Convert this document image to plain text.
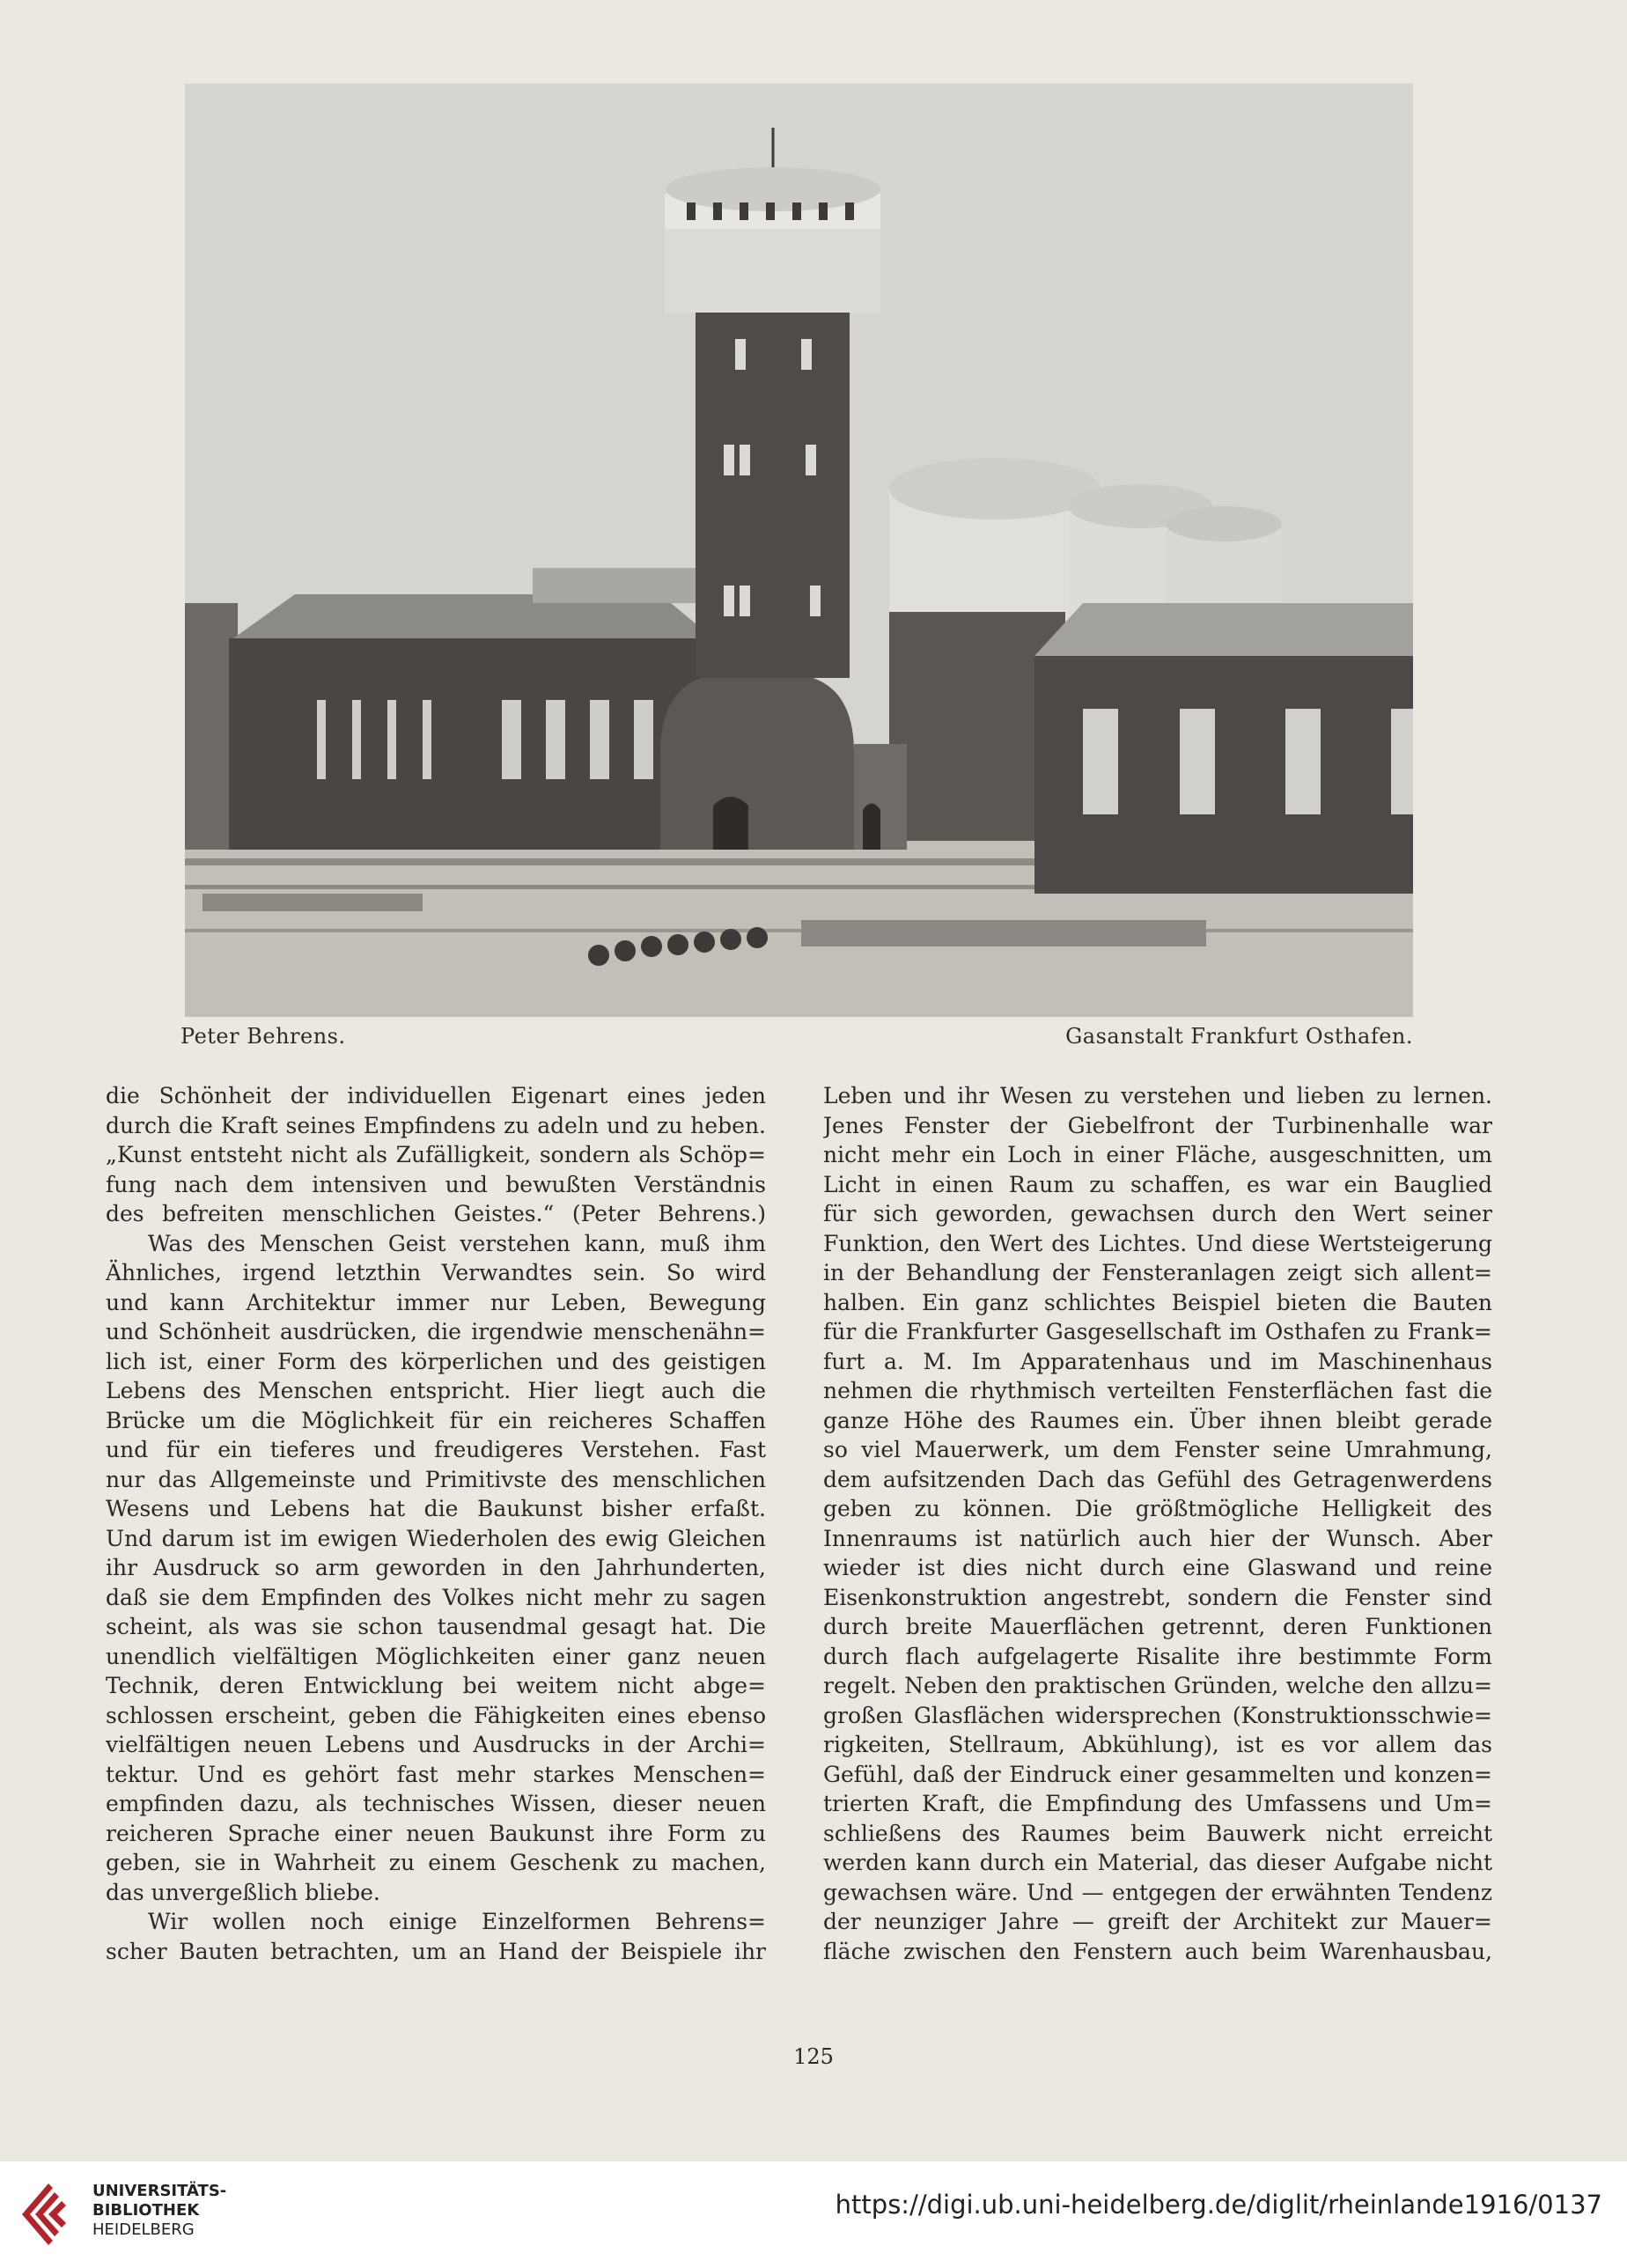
Peter Behrens.	Gasanstalt Frankfurt Osthafen.

die Schönheit der individuellen Eigenart eines jeden
durch die Kraft seines Empfindens zu adeln und zu heben.
„Kunst entsteht nicht als Zufälligkeit, sondern als Schöp=
fung nach dem intensiven und bewußten Verständnis
des befreiten menschlichen Geistes.“ (Peter Behrens.)

Was des Menschen Geist verstehen kann, muß ihm
Ähnliches, irgend letzthin Verwandtes sein. So wird
und kann Architektur immer nur Leben, Bewegung
und Schönheit ausdrücken, die irgendwie menschenähn=
lich ist, einer Form des körperlichen und des geistigen
Lebens des Menschen entspricht. Hier liegt auch die
Brücke um die Möglichkeit für ein reicheres Schaffen
und für ein tieferes und freudigeres Verstehen. Fast
nur das Allgemeinste und Primitivste des menschlichen
Wesens und Lebens hat die Baukunst bisher erfaßt.
Und darum ist im ewigen Wiederholen des ewig Gleichen
ihr Ausdruck so arm geworden in den Jahrhunderten,
daß sie dem Empfinden des Volkes nicht mehr zu sagen
scheint, als was sie schon tausendmal gesagt hat. Die
unendlich vielfältigen Möglichkeiten einer ganz neuen
Technik, deren Entwicklung bei weitem nicht abge=
schlossen erscheint, geben die Fähigkeiten eines ebenso
vielfältigen neuen Lebens und Ausdrucks in der Archi=
tektur. Und es gehört fast mehr starkes Menschen=
empfinden dazu, als technisches Wissen, dieser neuen
reicheren Sprache einer neuen Baukunst ihre Form zu
geben, sie in Wahrheit zu einem Geschenk zu machen,
das unvergeßlich bliebe.

Wir wollen noch einige Einzelformen Behrens=
scher Bauten betrachten, um an Hand der Beispiele ihr

Leben und ihr Wesen zu verstehen und lieben zu lernen.
Jenes Fenster der Giebelfront der Turbinenhalle war
nicht mehr ein Loch in einer Fläche, ausgeschnitten, um
Licht in einen Raum zu schaffen, es war ein Bauglied
für sich geworden, gewachsen durch den Wert seiner
Funktion, den Wert des Lichtes. Und diese Wertsteigerung
in der Behandlung der Fensteranlagen zeigt sich allent=
halben. Ein ganz schlichtes Beispiel bieten die Bauten
für die Frankfurter Gasgesellschaft im Osthafen zu Frank=
furt a. M. Im Apparatenhaus und im Maschinenhaus
nehmen die rhythmisch verteilten Fensterflächen fast die
ganze Höhe des Raumes ein. Über ihnen bleibt gerade
so viel Mauerwerk, um dem Fenster seine Umrahmung,
dem aufsitzenden Dach das Gefühl des Getragenwerdens
geben zu können. Die größtmögliche Helligkeit des
Innenraums ist natürlich auch hier der Wunsch. Aber
wieder ist dies nicht durch eine Glaswand und reine
Eisenkonstruktion angestrebt, sondern die Fenster sind
durch breite Mauerflächen getrennt, deren Funktionen
durch flach aufgelagerte Risalite ihre bestimmte Form
regelt. Neben den praktischen Gründen, welche den allzu=
großen Glasflächen widersprechen (Konstruktionsschwie=
rigkeiten, Stellraum, Abkühlung), ist es vor allem das
Gefühl, daß der Eindruck einer gesammelten und konzen=
trierten Kraft, die Empfindung des Umfassens und Um=
schließens des Raumes beim Bauwerk nicht erreicht
werden kann durch ein Material, das dieser Aufgabe nicht
gewachsen wäre. Und — entgegen der erwähnten Tendenz
der neunziger Jahre — greift der Architekt zur Mauer=
fläche zwischen den Fenstern auch beim Warenhausbau,

125
UNIVERSITÄTS-
BIBLIOTHEK
HEIDELBERG
https://digi.ub.uni-heidelberg.de/diglit/rheinlande1916/0137
